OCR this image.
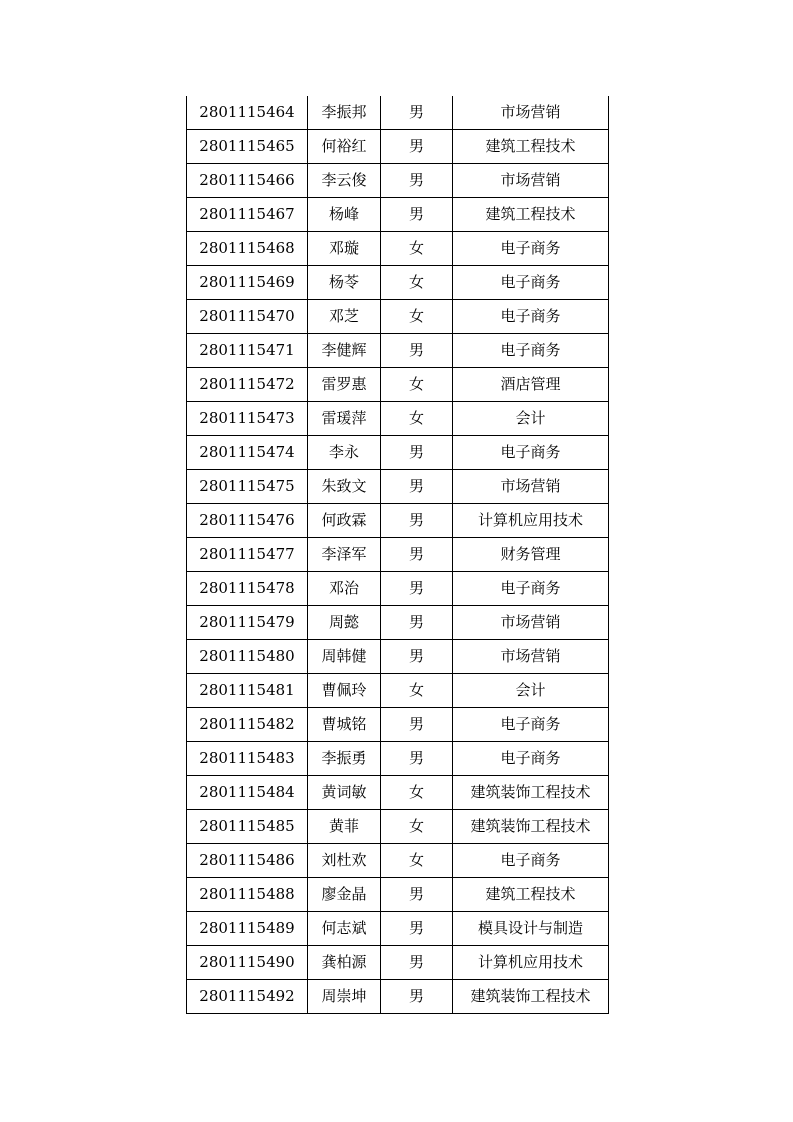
2801115464	李振邦	男	市场营销
2801115465	何裕红	男	建筑工程技术
2801115466	李云俊	男	市场营销
2801115467	杨峰	男	建筑工程技术
2801115468	邓璇	女	电子商务
2801115469	杨苓	女	电子商务
2801115470	邓芝	女	电子商务
2801115471	李健辉	男	电子商务
2801115472	雷罗惠	女	酒店管理
2801115473	雷瑗萍	女	会计
2801115474	李永	男	电子商务
2801115475	朱致文	男	市场营销
2801115476	何政霖	男	计算机应用技术
2801115477	李泽军	男	财务管理
2801115478	邓治	男	电子商务
2801115479	周懿	男	市场营销
2801115480	周韩健	男	市场营销
2801115481	曹佩玲	女	会计
2801115482	曹城铭	男	电子商务
2801115483	李振勇	男	电子商务
2801115484	黄词敏	女	建筑装饰工程技术
2801115485	黄菲	女	建筑装饰工程技术
2801115486	刘杜欢	女	电子商务
2801115488	廖金晶	男	建筑工程技术
2801115489	何志斌	男	模具设计与制造
2801115490	龚柏源	男	计算机应用技术
2801115492	周崇坤	男	建筑装饰工程技术
